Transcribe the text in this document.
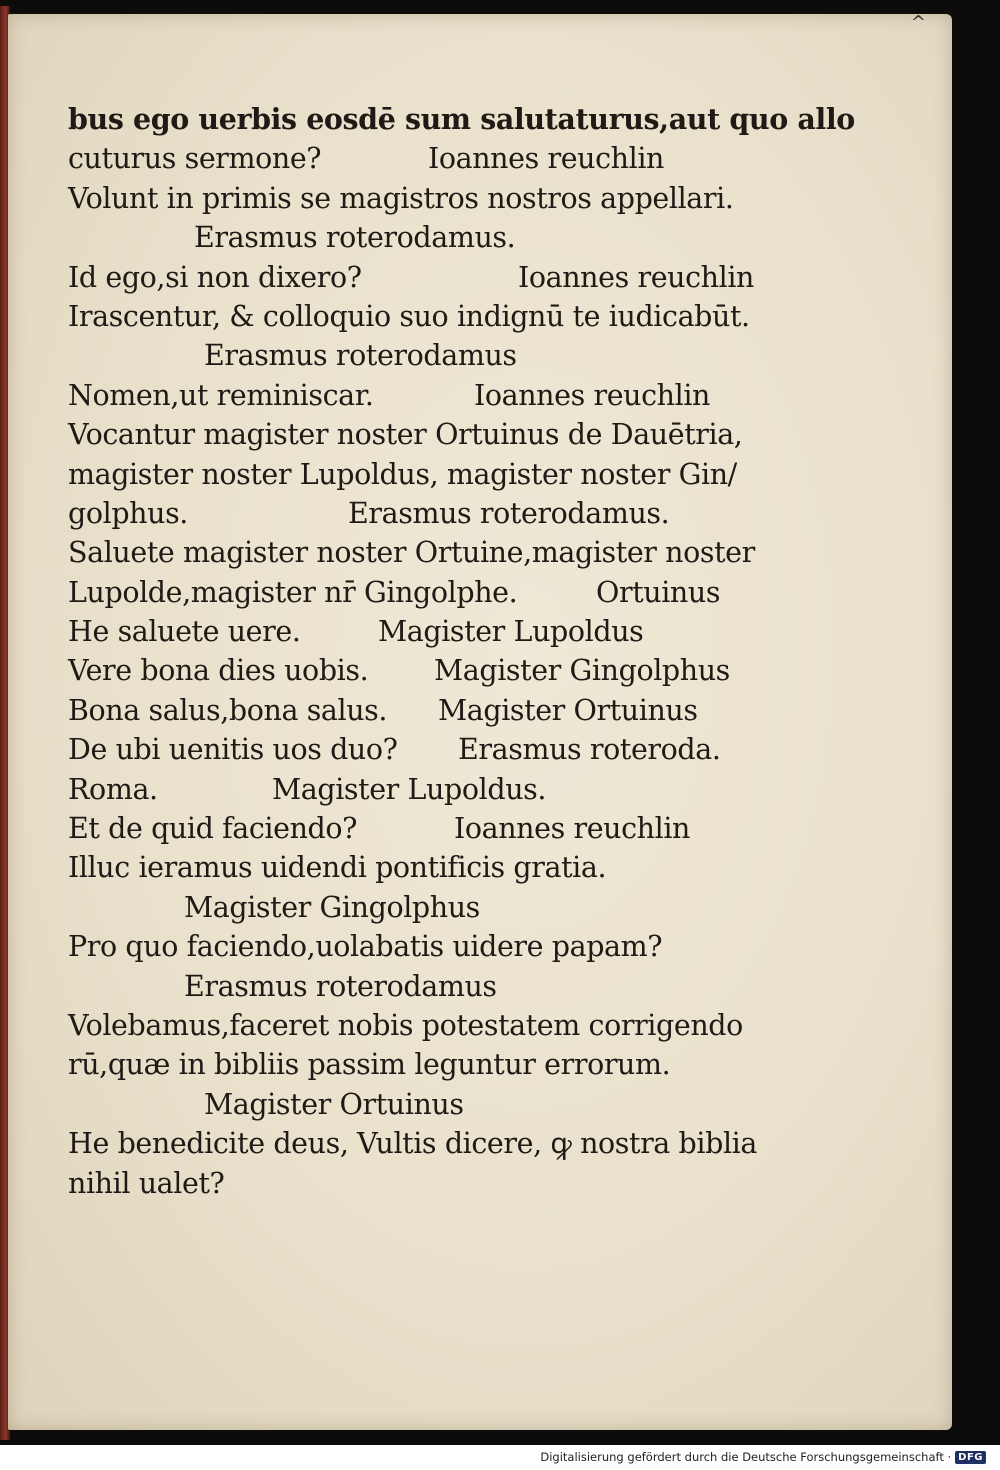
^
bus ego uerbis eosdē sum salutaturus,aut quo allo
cuturus sermone?	Ioannes reuchlin
Volunt in primis se magistros nostros appellari.
Erasmus roterodamus.
Id ego,si non dixero?	Ioannes reuchlin
Irascentur, & colloquio suo indignū te iudicabūt.
Erasmus roterodamus
Nomen,ut reminiscar.	Ioannes reuchlin
Vocantur magister noster Ortuinus de Dauētria,
magister noster Lupoldus, magister noster Gin/
golphus.	Erasmus roterodamus.
Saluete magister noster Ortuine,magister noster
Lupolde,magister nr̄ Gingolphe.	Ortuinus
He saluete uere.	Magister Lupoldus
Vere bona dies uobis. Magister Gingolphus
Bona salus,bona salus. Magister Ortuinus
De ubi uenitis uos duo? Erasmus roteroda.
Roma.	Magister Lupoldus.
Et de quid faciendo?	Ioannes reuchlin
Illuc ieramus uidendi pontificis gratia.
Magister Gingolphus
Pro quo faciendo,uolabatis uidere papam?
Erasmus roterodamus
Volebamus,faceret nobis potestatem corrigendo
rū,quæ in bibliis passim leguntur errorum.
Magister Ortuinus
He benedicite deus, Vultis dicere, ꝙ nostra biblia
nihil ualet?
Digitalisierung gefördert durch die Deutsche Forschungsgemeinschaft · DFG
